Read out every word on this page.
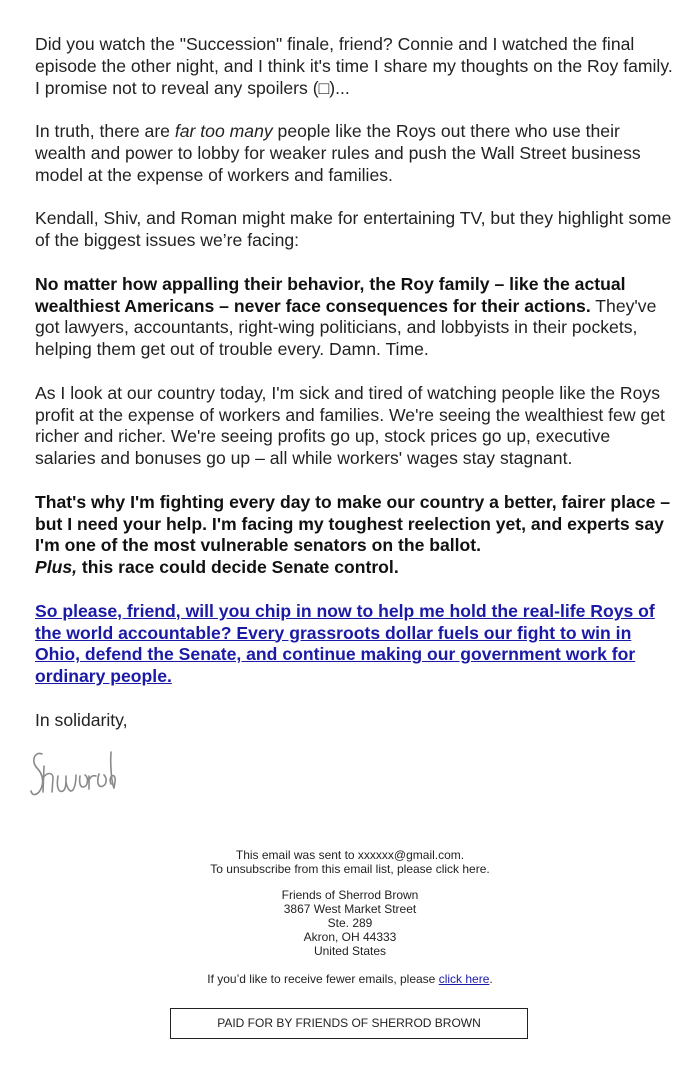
Did you watch the "Succession" finale, friend? Connie and I watched the final episode the other night, and I think it's time I share my thoughts on the Roy family. I promise not to reveal any spoilers (□)...

In truth, there are far too many people like the Roys out there who use their wealth and power to lobby for weaker rules and push the Wall Street business model at the expense of workers and families.

Kendall, Shiv, and Roman might make for entertaining TV, but they highlight some of the biggest issues we’re facing:

No matter how appalling their behavior, the Roy family – like the actual wealthiest Americans – never face consequences for their actions. They've got lawyers, accountants, right-wing politicians, and lobbyists in their pockets, helping them get out of trouble every. Damn. Time.

As I look at our country today, I'm sick and tired of watching people like the Roys profit at the expense of workers and families. We're seeing the wealthiest few get richer and richer. We're seeing profits go up, stock prices go up, executive salaries and bonuses go up – all while workers' wages stay stagnant.

That's why I'm fighting every day to make our country a better, fairer place – but I need your help. I'm facing my toughest reelection yet, and experts say I'm one of the most vulnerable senators on the ballot.
Plus, this race could decide Senate control.

So please, friend, will you chip in now to help me hold the real-life Roys of the world accountable? Every grassroots dollar fuels our fight to win in Ohio, defend the Senate, and continue making our government work for ordinary people.

In solidarity,

This email was sent to xxxxxx@gmail.com.
To unsubscribe from this email list, please click here.
Friends of Sherrod Brown
3867 West Market Street
Ste. 289
Akron, OH 44333
United States
If you’d like to receive fewer emails, please click here.
PAID FOR BY FRIENDS OF SHERROD BROWN
